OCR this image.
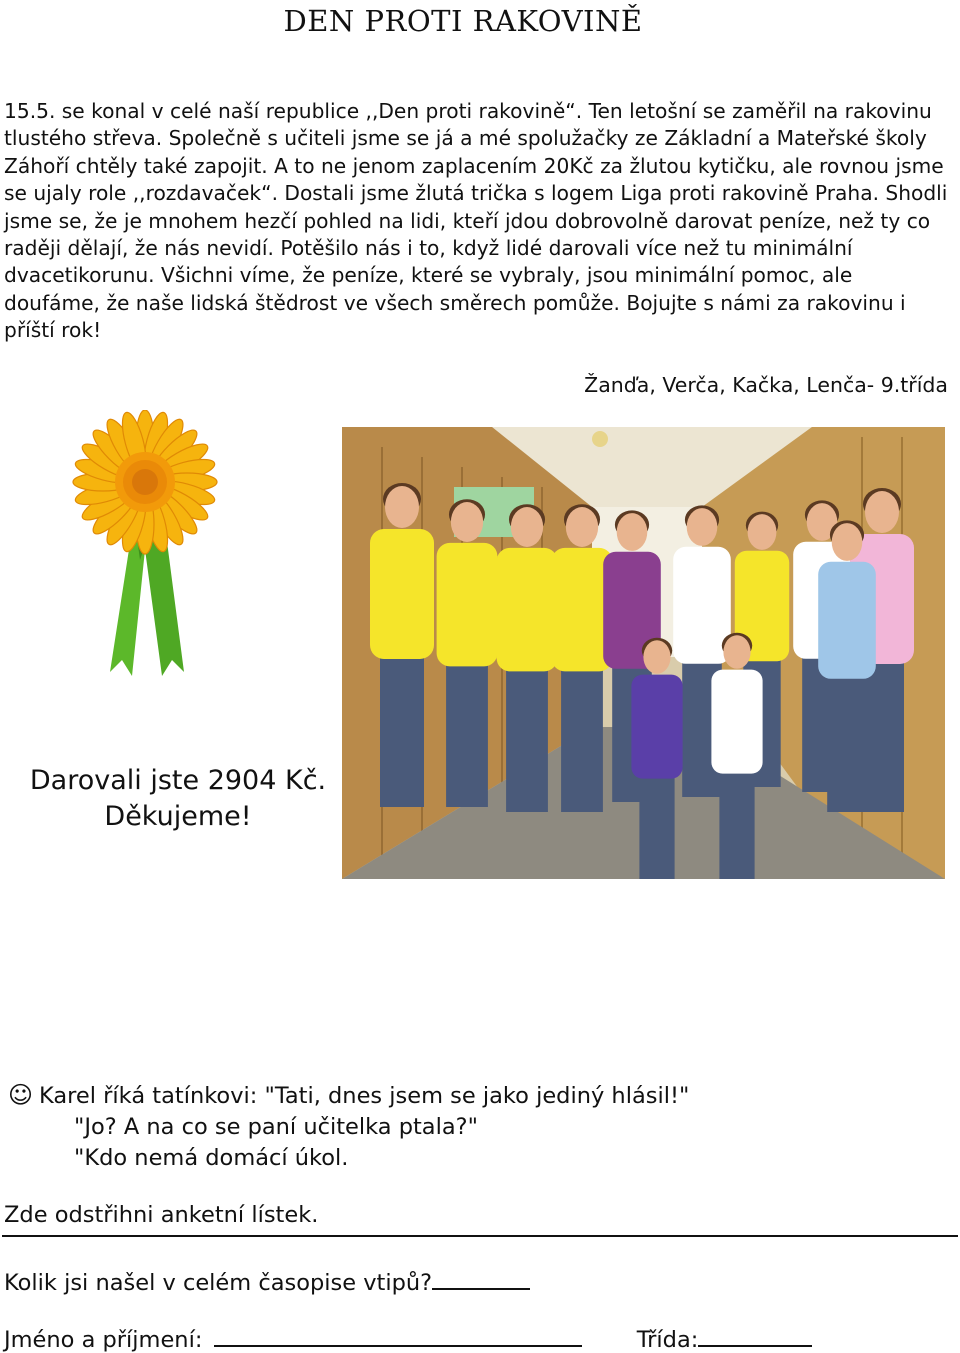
DEN PROTI RAKOVINĚ

15.5. se konal v celé naší republice ,,Den proti rakovině“. Ten letošní se zaměřil na rakovinu tlustého střeva. Společně s učiteli jsme se já a mé spolužačky ze Základní a Mateřské školy Záhoří chtěly také zapojit. A to ne jenom zaplacením 20Kč za žlutou kytičku, ale rovnou jsme se ujaly role ,,rozdavaček“. Dostali jsme žlutá trička s logem Liga proti rakovině Praha. Shodli jsme se, že je mnohem hezčí pohled na lidi, kteří jdou dobrovolně darovat peníze, než ty co raději dělají, že nás nevidí. Potěšilo nás i to, když lidé darovali více než tu minimální dvacetikorunu. Všichni víme, že peníze, které se vybraly, jsou minimální pomoc, ale doufáme, že naše lidská štědrost ve všech směrech pomůže. Bojujte s námi za rakovinu i příští rok!

Žanďa, Verča, Kačka, Lenča- 9.třída
Darovali jste 2904 Kč.
Děkujeme!
☺ Karel říká tatínkovi: "Tati, dnes jsem se jako jediný hlásil!"
"Jo? A na co se paní učitelka ptala?"
"Kdo nemá domácí úkol.
Zde odstřihni anketní lístek.
Kolik jsi našel v celém časopise vtipů?
Jméno a příjmení:	Třída:
